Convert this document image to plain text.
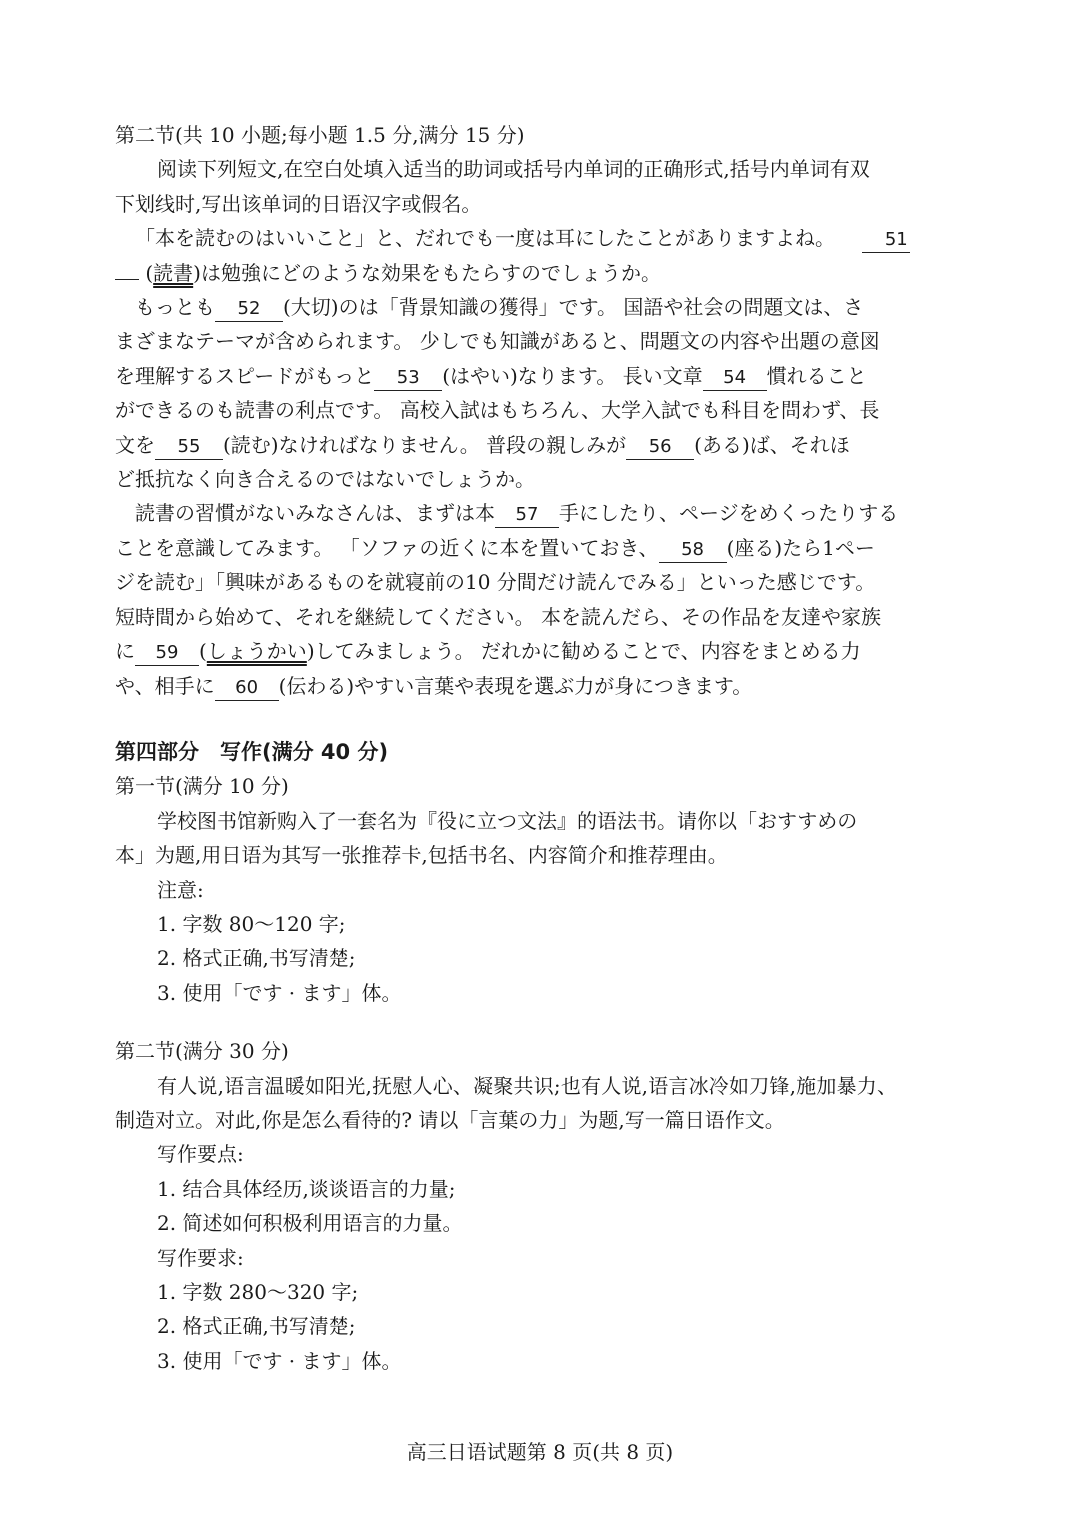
第二节(共 10 小题;每小题 1.5 分,满分 15 分)
阅读下列短文,在空白处填入适当的助词或括号内单词的正确形式,括号内单词有双
下划线时,写出该单词的日语汉字或假名。
「本を読むのはいいこと」と、だれでも一度は耳にしたことがありますよね。	51
(読書)は勉強にどのような効果をもたらすのでしょうか。
もっとも 52 (大切)のは「背景知識の獲得」です。 国語や社会の問題文は、さ
まざまなテーマが含められます。 少しでも知識があると、問題文の内容や出題の意図
を理解するスピードがもっと 53 (はやい)なります。 長い文章 54 慣れること
ができるのも読書の利点です。 高校入試はもちろん、大学入試でも科目を問わず、長
文を 55 (読む)なければなりません。 普段の親しみが 56 (ある)ば、それほ
ど抵抗なく向き合えるのではないでしょうか。
読書の習慣がないみなさんは、まずは本 57 手にしたり、ページをめくったりする
ことを意識してみます。 「ソファの近くに本を置いておき、 58 (座る)たら1ペー
ジを読む」「興味があるものを就寝前の10 分間だけ読んでみる」といった感じです。
短時間から始めて、それを継続してください。 本を読んだら、その作品を友達や家族
に 59 (しょうかい)してみましょう。 だれかに勧めることで、内容をまとめる力
や、相手に 60 (伝わる)やすい言葉や表現を選ぶ力が身につきます。
第四部分　写作(满分 40 分)
第一节(满分 10 分)
学校图书馆新购入了一套名为『役に立つ文法』的语法书。请你以「おすすめの
本」为题,用日语为其写一张推荐卡,包括书名、内容简介和推荐理由。
注意:
1. 字数 80～120 字;
2. 格式正确,书写清楚;
3. 使用「です · ます」体。
第二节(满分 30 分)
有人说,语言温暖如阳光,抚慰人心、凝聚共识;也有人说,语言冰冷如刀锋,施加暴力、
制造对立。对此,你是怎么看待的? 请以「言葉の力」为题,写一篇日语作文。
写作要点:
1. 结合具体经历,谈谈语言的力量;
2. 简述如何积极利用语言的力量。
写作要求:
1. 字数 280～320 字;
2. 格式正确,书写清楚;
3. 使用「です · ます」体。
高三日语试题第 8 页(共 8 页)
